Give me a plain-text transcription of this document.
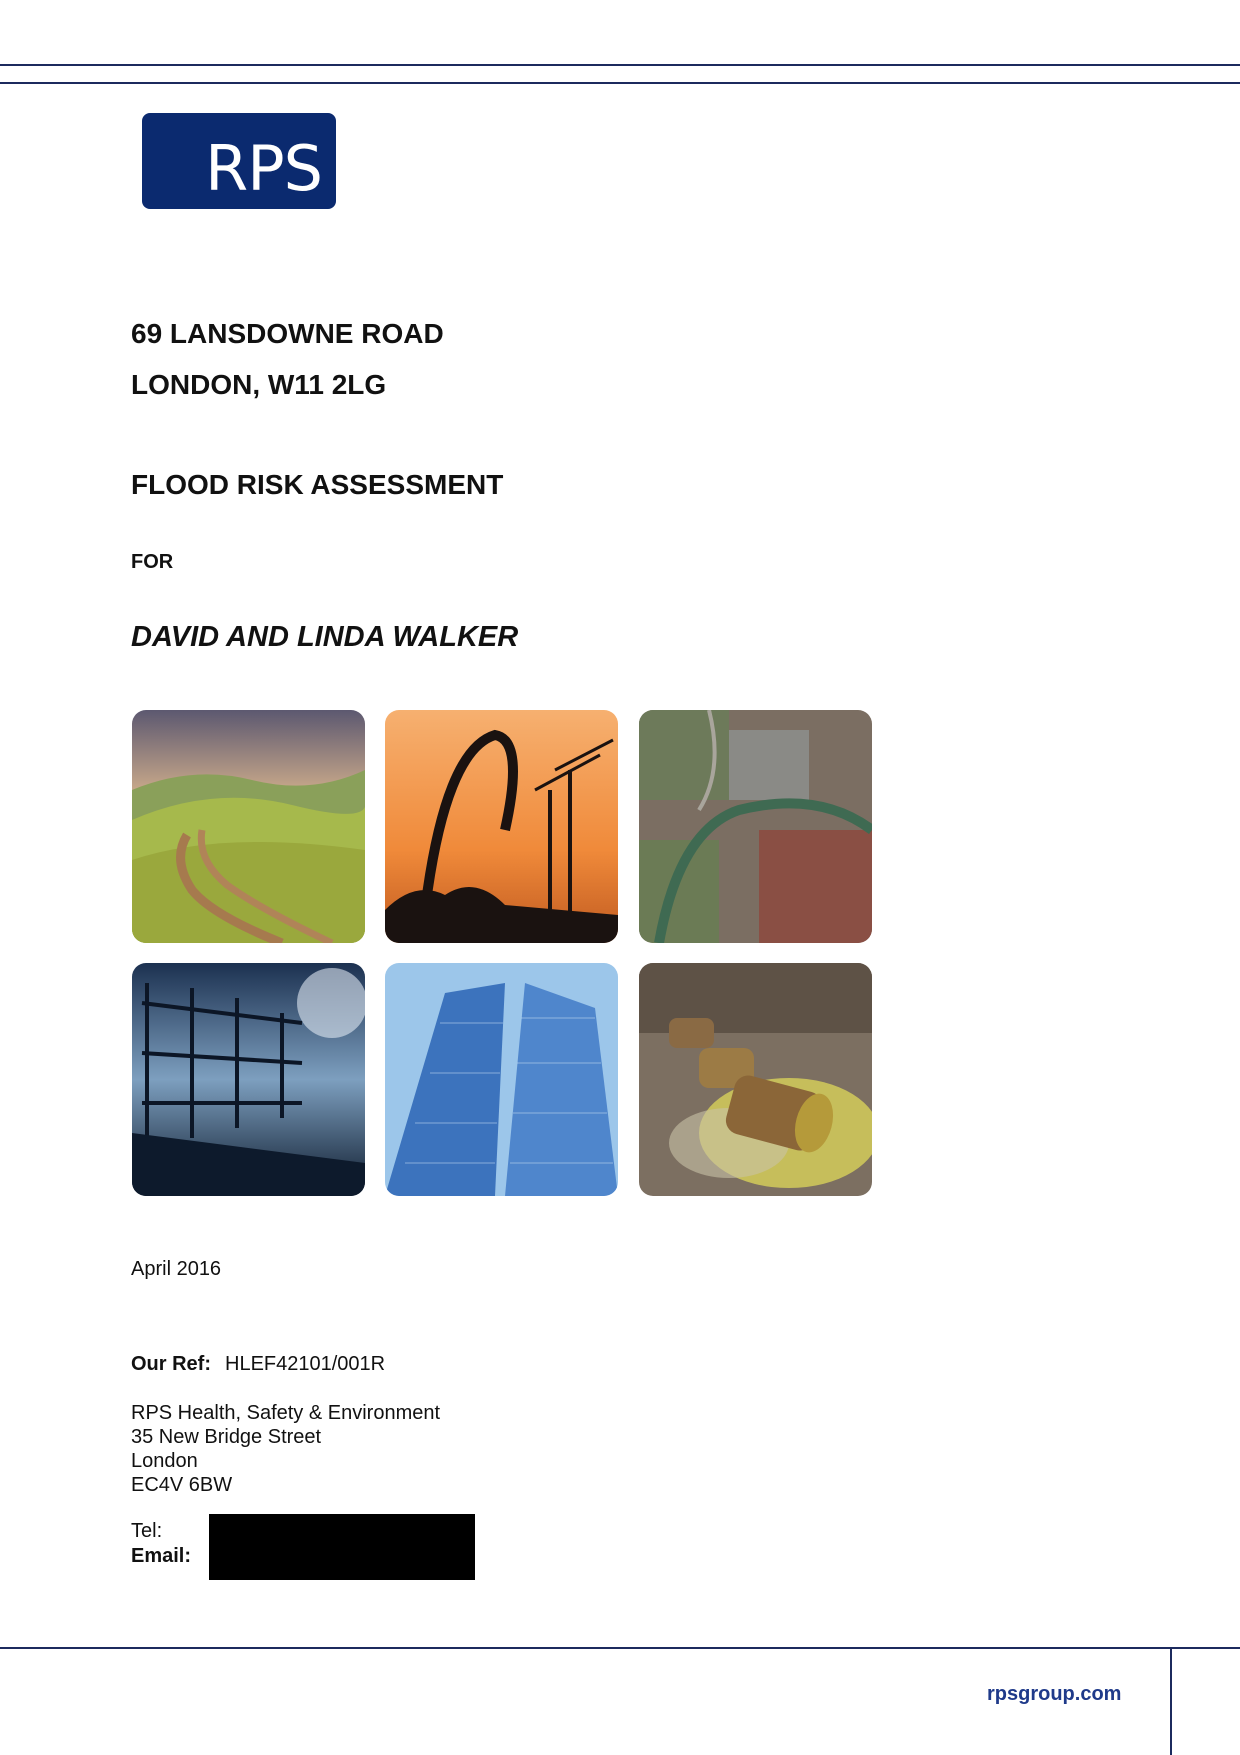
RPS
69 LANSDOWNE ROAD
LONDON, W11 2LG
FLOOD RISK ASSESSMENT
FOR
DAVID AND LINDA WALKER
April 2016
Our Ref: HLEF42101/001R
RPS Health, Safety & Environment
35 New Bridge Street
London
EC4V 6BW
Tel:
Email:
rpsgroup.com
